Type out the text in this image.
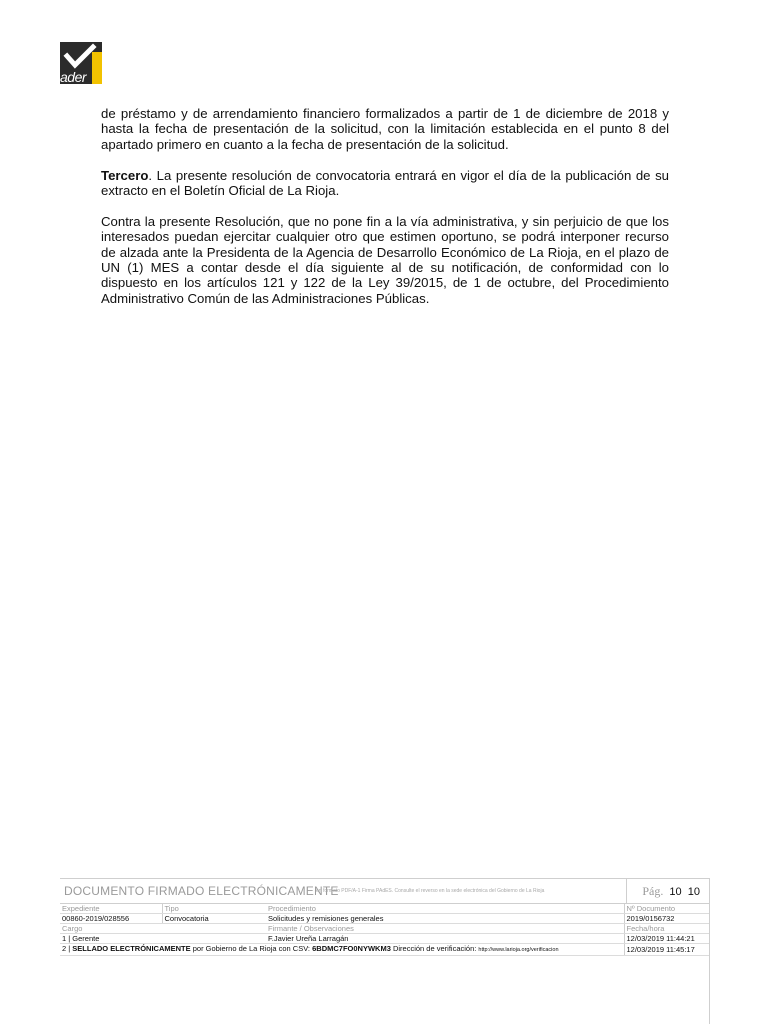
ader

de préstamo y de arrendamiento financiero formalizados a partir de 1 de diciembre de 2018 y hasta la fecha de presentación de la solicitud, con la limitación establecida en el punto 8 del apartado primero en cuanto a la fecha de presentación de la solicitud.

Tercero. La presente resolución de convocatoria entrará en vigor el día de la publicación de su extracto en el Boletín Oficial de La Rioja.

Contra la presente Resolución, que no pone fin a la vía administrativa, y sin perjuicio de que los interesados puedan ejercitar cualquier otro que estimen oportuno, se podrá interponer recurso de alzada ante la Presidenta de la Agencia de Desarrollo Económico de La Rioja, en el plazo de UN (1) MES a contar desde el día siguiente al de su notificación, de conformidad con lo dispuesto en los artículos 121 y 122 de la Ley 39/2015, de 1 de octubre, del Procedimiento Administrativo Común de las Administraciones Públicas.

DOCUMENTO FIRMADO ELECTRÓNICAMENTE
en formato PDF/A-1 Firma PAdES. Consulte el reverso en la sede electrónica del Gobierno de La Rioja	Pág. 10 10
Expediente	Tipo	Procedimiento	Nº Documento
00860-2019/028556	Convocatoria	Solicitudes y remisiones generales	2019/0156732
Cargo		Firmante / Observaciones	Fecha/hora
1 | Gerente		F.Javier Ureña Larragán	12/03/2019 11:44:21
2 | SELLADO ELECTRÓNICAMENTE por Gobierno de La Rioja con CSV: 6BDMC7FO0NYWKM3 Dirección de verificación: http://www.larioja.org/verificacion			12/03/2019 11:45:17
